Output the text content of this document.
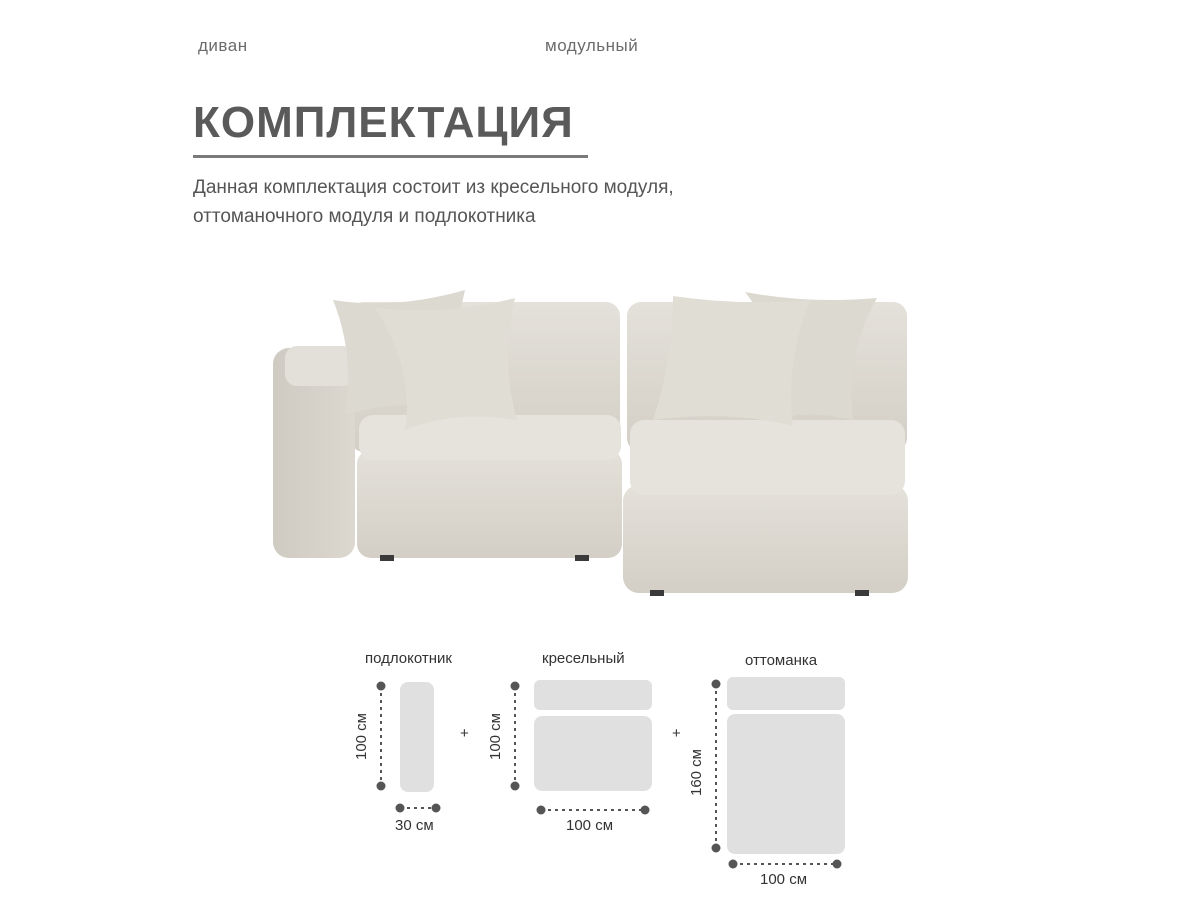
диван	модульный
КОМПЛЕКТАЦИЯ
Данная комплектация состоит из кресельного модуля,
оттоманочного модуля и подлокотника
подлокотник	кресельный	оттоманка
+	+
100 см
30 см
100 см
100 см
160 см
100 см
